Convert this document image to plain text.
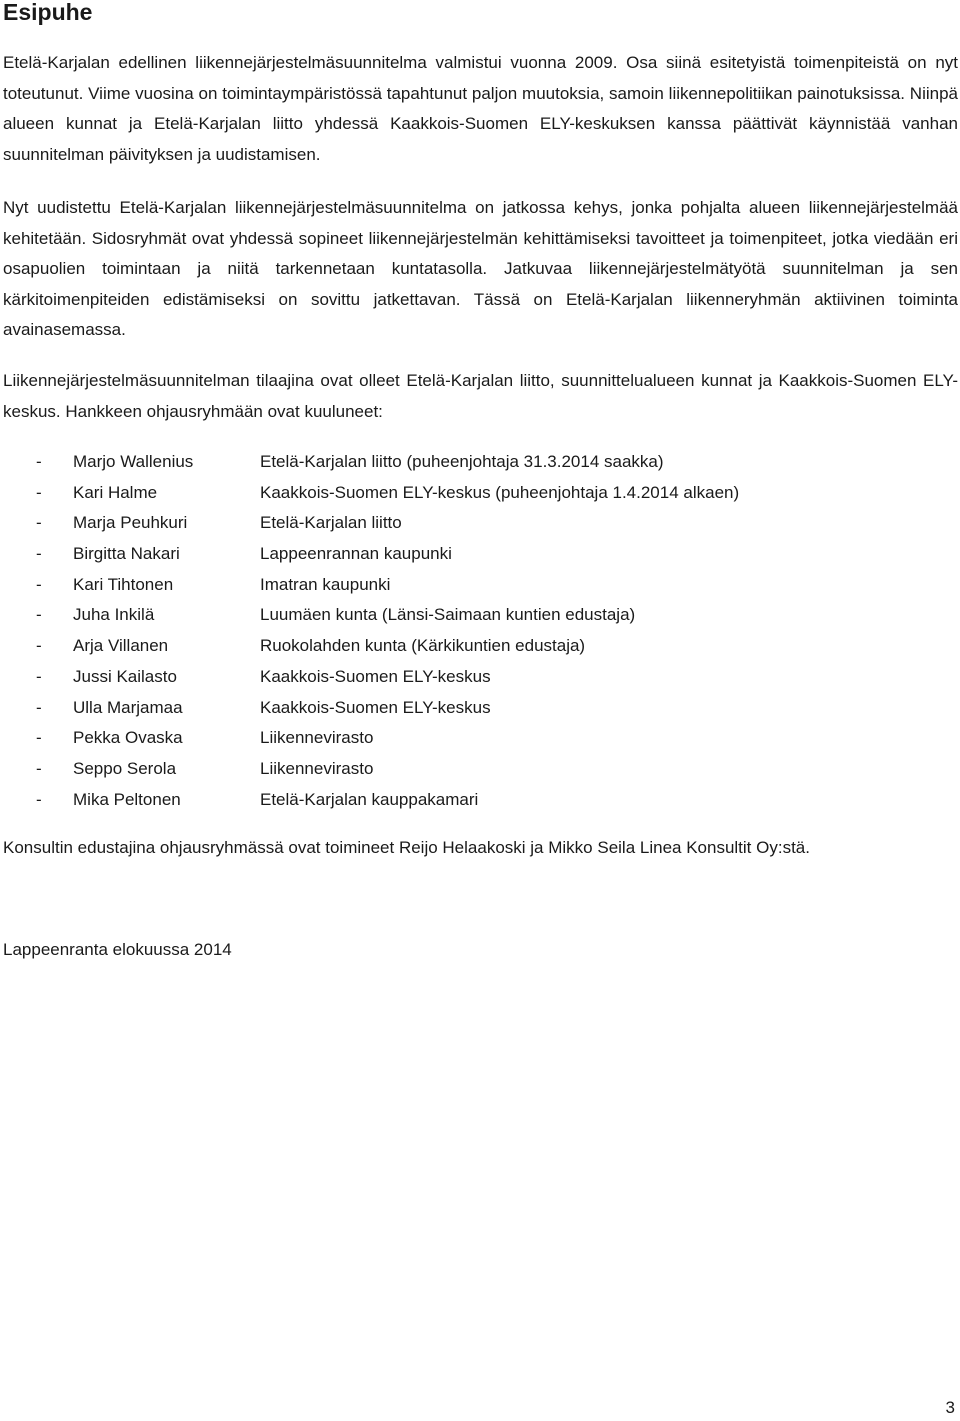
Esipuhe

Etelä-Karjalan edellinen liikennejärjestelmäsuunnitelma valmistui vuonna 2009. Osa siinä esitetyistä toimenpiteistä on nyt toteutunut. Viime vuosina on toimintaympäristössä tapahtunut paljon muutoksia, samoin liikennepolitiikan painotuksissa. Niinpä alueen kunnat ja Etelä-Karjalan liitto yhdessä Kaakkois-Suomen ELY-keskuksen kanssa päättivät käynnistää vanhan suunnitelman päivityksen ja uudistamisen.

Nyt uudistettu Etelä-Karjalan liikennejärjestelmäsuunnitelma on jatkossa kehys, jonka pohjalta alueen liikennejärjestelmää kehitetään. Sidosryhmät ovat yhdessä sopineet liikennejärjestelmän kehittämiseksi tavoitteet ja toimenpiteet, jotka viedään eri osapuolien toimintaan ja niitä tarkennetaan kuntatasolla. Jatkuvaa liikennejärjestelmätyötä suunnitelman ja sen kärkitoimenpiteiden edistämiseksi on sovittu jatkettavan. Tässä on Etelä-Karjalan liikenneryhmän aktiivinen toiminta avainasemassa.

Liikennejärjestelmäsuunnitelman tilaajina ovat olleet Etelä-Karjalan liitto, suunnittelualueen kunnat ja Kaakkois-Suomen ELY-keskus. Hankkeen ohjausryhmään ovat kuuluneet:

- Marjo Wallenius	Etelä-Karjalan liitto (puheenjohtaja 31.3.2014 saakka)
- Kari Halme	Kaakkois-Suomen ELY-keskus (puheenjohtaja 1.4.2014 alkaen)
- Marja Peuhkuri	Etelä-Karjalan liitto
- Birgitta Nakari	Lappeenrannan kaupunki
- Kari Tihtonen	Imatran kaupunki
- Juha Inkilä	Luumäen kunta (Länsi-Saimaan kuntien edustaja)
- Arja Villanen	Ruokolahden kunta (Kärkikuntien edustaja)
- Jussi Kailasto	Kaakkois-Suomen ELY-keskus
- Ulla Marjamaa	Kaakkois-Suomen ELY-keskus
- Pekka Ovaska	Liikennevirasto
- Seppo Serola	Liikennevirasto
- Mika Peltonen	Etelä-Karjalan kauppakamari

Konsultin edustajina ohjausryhmässä ovat toimineet Reijo Helaakoski ja Mikko Seila Linea Konsultit Oy:stä.

Lappeenranta elokuussa 2014

3
